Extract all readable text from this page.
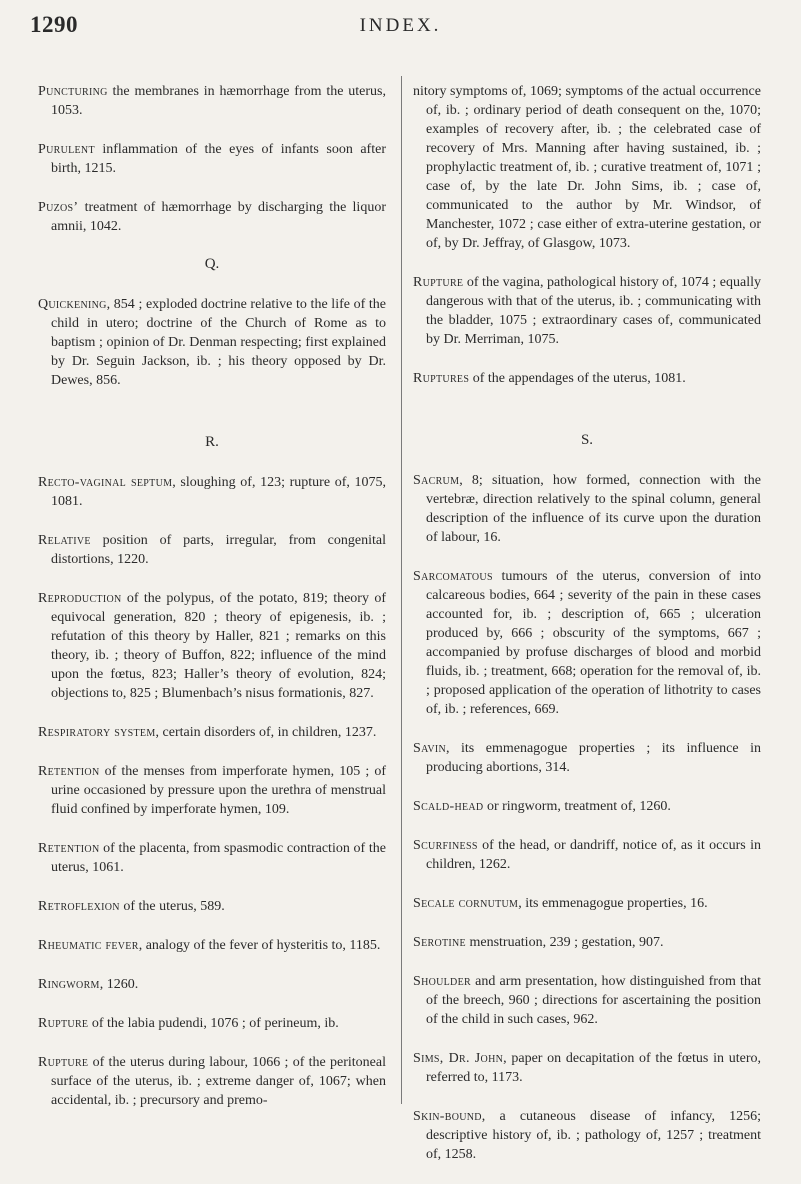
1290	INDEX.

Puncturing the membranes in hæmorrhage from the uterus, 1053.

Purulent inflammation of the eyes of infants soon after birth, 1215.

Puzos’ treatment of hæmorrhage by discharging the liquor amnii, 1042.

Q.

Quickening, 854 ; exploded doctrine relative to the life of the child in utero; doctrine of the Church of Rome as to baptism ; opinion of Dr. Denman respecting; first explained by Dr. Seguin Jackson, ib. ; his theory opposed by Dr. Dewes, 856.

R.

Recto-vaginal septum, sloughing of, 123; rupture of, 1075, 1081.

Relative position of parts, irregular, from congenital distortions, 1220.

Reproduction of the polypus, of the potato, 819; theory of equivocal generation, 820 ; theory of epigenesis, ib. ; refutation of this theory by Haller, 821 ; remarks on this theory, ib. ; theory of Buffon, 822; influence of the mind upon the fœtus, 823; Haller’s theory of evolution, 824; objections to, 825 ; Blumenbach’s nisus formationis, 827.

Respiratory system, certain disorders of, in children, 1237.

Retention of the menses from imperforate hymen, 105 ; of urine occasioned by pressure upon the urethra of menstrual fluid confined by imperforate hymen, 109.

Retention of the placenta, from spasmodic contraction of the uterus, 1061.

Retroflexion of the uterus, 589.

Rheumatic fever, analogy of the fever of hysteritis to, 1185.

Ringworm, 1260.

Rupture of the labia pudendi, 1076 ; of perineum, ib.

Rupture of the uterus during labour, 1066 ; of the peritoneal surface of the uterus, ib. ; extreme danger of, 1067; when accidental, ib. ; precursory and premo-

nitory symptoms of, 1069; symptoms of the actual occurrence of, ib. ; ordinary period of death consequent on the, 1070; examples of recovery after, ib. ; the celebrated case of recovery of Mrs. Manning after having sustained, ib. ; prophylactic treatment of, ib. ; curative treatment of, 1071 ; case of, by the late Dr. John Sims, ib. ; case of, communicated to the author by Mr. Windsor, of Manchester, 1072 ; case either of extra-uterine gestation, or of, by Dr. Jeffray, of Glasgow, 1073.

Rupture of the vagina, pathological history of, 1074 ; equally dangerous with that of the uterus, ib. ; communicating with the bladder, 1075 ; extraordinary cases of, communicated by Dr. Merriman, 1075.

Ruptures of the appendages of the uterus, 1081.

S.

Sacrum, 8; situation, how formed, connection with the vertebræ, direction relatively to the spinal column, general description of the influence of its curve upon the duration of labour, 16.

Sarcomatous tumours of the uterus, conversion of into calcareous bodies, 664 ; severity of the pain in these cases accounted for, ib. ; description of, 665 ; ulceration produced by, 666 ; obscurity of the symptoms, 667 ; accompanied by profuse discharges of blood and morbid fluids, ib. ; treatment, 668; operation for the removal of, ib. ; proposed application of the operation of lithotrity to cases of, ib. ; references, 669.

Savin, its emmenagogue properties ; its influence in producing abortions, 314.

Scald-head or ringworm, treatment of, 1260.

Scurfiness of the head, or dandriff, notice of, as it occurs in children, 1262.

Secale cornutum, its emmenagogue properties, 16.

Serotine menstruation, 239 ; gestation, 907.

Shoulder and arm presentation, how distinguished from that of the breech, 960 ; directions for ascertaining the position of the child in such cases, 962.

Sims, Dr. John, paper on decapitation of the fœtus in utero, referred to, 1173.

Skin-bound, a cutaneous disease of infancy, 1256; descriptive history of, ib. ; pathology of, 1257 ; treatment of, 1258.
